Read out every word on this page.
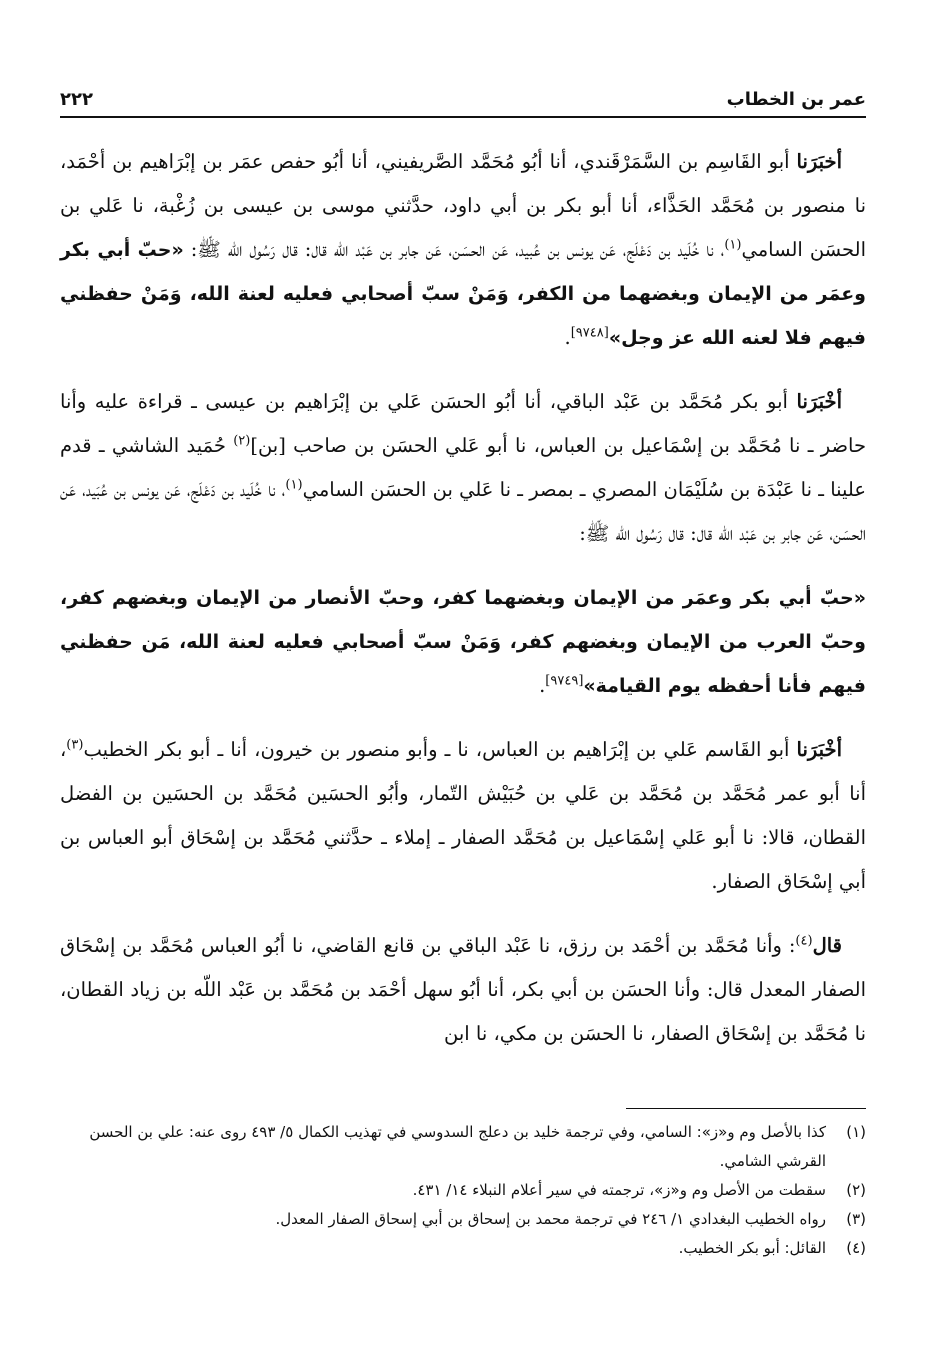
عمر بن الخطاب
٢٢٢

أخبَرَنا أبو القَاسِم بن السَّمَرْقَندي، أنا أبُو مُحَمَّد الصَّريفيني، أنا أبُو حفص عمَر بن إبْرَاهيم بن أحْمَد، نا منصور بن مُحَمَّد الحَذَّاء، أنا أبو بكر بن أبي داود، حدَّثني موسى بن عيسى بن زُغْبة، نا عَلي بن الحسَن السامي$^{(١)}$، نا خُلَيد بن دَعْلَج، عَن يونس بن عُبيد، عَن الحسَن، عَن جابر بن عَبْد اللّه قال: قال رَسُول اللّه ﷺ: «حبّ أبي بكر وعمَر من الإيمان وبغضهما من الكفر، وَمَنْ سبّ أصحابي فعليه لعنة الله، وَمَنْ حفظني فيهم فلا لعنه الله عز وجل»[٩٧٤٨].

أخْبَرَنا أبو بكر مُحَمَّد بن عَبْد الباقي، أنا أبُو الحسَن عَلي بن إبْرَاهيم بن عيسى ـ قراءة عليه وأنا حاضر ـ نا مُحَمَّد بن إسْمَاعيل بن العباس، نا أبو عَلي الحسَن بن صاحب [بن]$^{(٢)}$ حُمَيد الشاشي ـ قدم علينا ـ نا عَبْدَة بن سُلَيْمَان المصري ـ بمصر ـ نا عَلي بن الحسَن السامي$^{(١)}$، نا خُلَيد بن دَعْلَج، عَن يونس بن عُبَيد، عَن الحسَن، عَن جابر بن عَبْد اللّه قال: قال رَسُول اللّه ﷺ:

«حبّ أبي بكر وعمَر من الإيمان وبغضهما كفر، وحبّ الأنصار من الإيمان وبغضهم كفر، وحبّ العرب من الإيمان وبغضهم كفر، وَمَنْ سبّ أصحابي فعليه لعنة الله، مَن حفظني فيهم فأنا أحفظه يوم القيامة»[٩٧٤٩].

أخْبَرَنا أبو القَاسم عَلي بن إبْرَاهيم بن العباس، نا ـ وأبو منصور بن خيرون، أنا ـ أبو بكر الخطيب$^{(٣)}$، أنا أبو عمر مُحَمَّد بن مُحَمَّد بن عَلي بن حُبَيْش التّمار، وأبُو الحسَين مُحَمَّد بن الحسَين بن الفضل القطان، قالا: نا أبو عَلي إسْمَاعيل بن مُحَمَّد الصفار ـ إملاء ـ حدَّثني مُحَمَّد بن إسْحَاق أبو العباس بن أبي إسْحَاق الصفار.

قال$^{(٤)}$: وأنا مُحَمَّد بن أحْمَد بن رزق، نا عَبْد الباقي بن قانع القاضي، نا أبُو العباس مُحَمَّد بن إسْحَاق الصفار المعدل قال: وأنا الحسَن بن أبي بكر، أنا أبُو سهل أحْمَد بن مُحَمَّد بن عَبْد اللّه بن زياد القطان، نا مُحَمَّد بن إسْحَاق الصفار، نا الحسَن بن مكي، نا ابن

(١)
كذا بالأصل وم و«ز»: السامي، وفي ترجمة خليد بن دعلج السدوسي في تهذيب الكمال ٥/ ٤٩٣ روى عنه: علي بن الحسن القرشي الشامي.
(٢)
سقطت من الأصل وم و«ز»، ترجمته في سير أعلام النبلاء ١٤/ ٤٣١.
(٣)
رواه الخطيب البغدادي ١/ ٢٤٦ في ترجمة محمد بن إسحاق بن أبي إسحاق الصفار المعدل.
(٤)
القائل: أبو بكر الخطيب.
